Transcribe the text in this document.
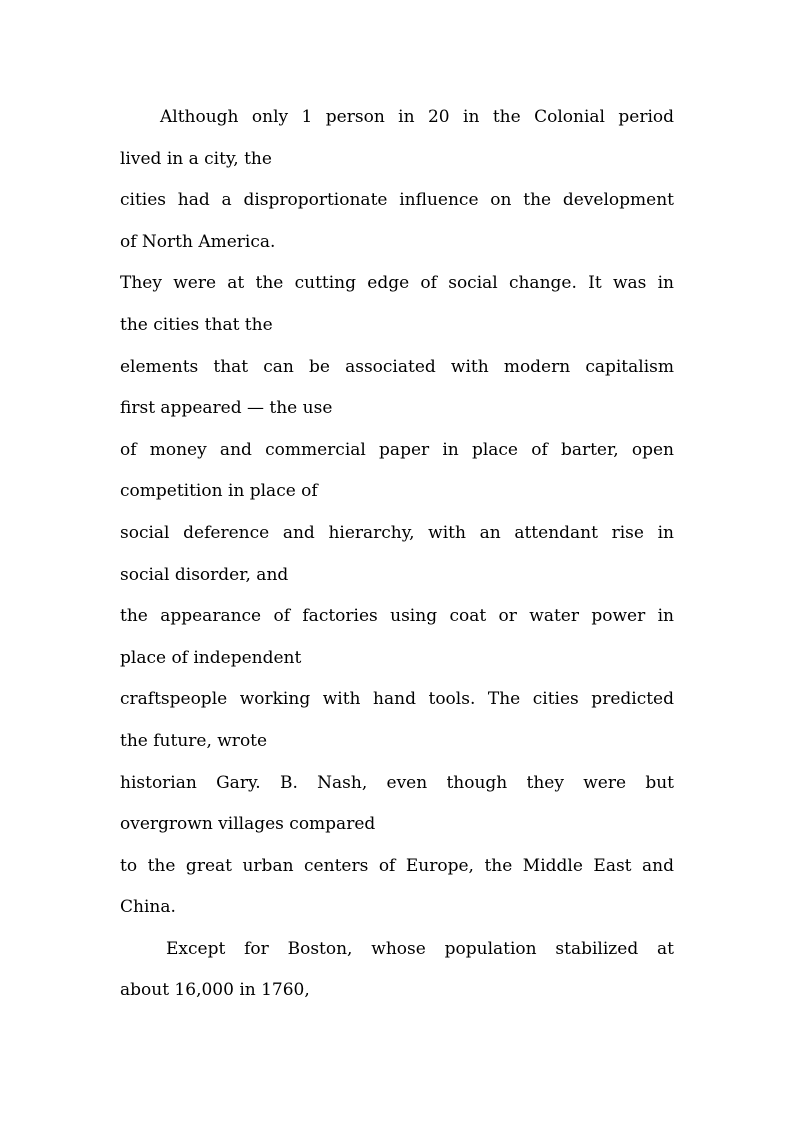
Although only 1 person in 20 in the Colonial period
lived in a city, the
cities had a disproportionate influence on the development
of North America.
They were at the cutting edge of social change. It was in
the cities that the
elements that can be associated with modern capitalism
first appeared — the use
of money and commercial paper in place of barter, open
competition in place of
social deference and hierarchy, with an attendant rise in
social disorder, and
the appearance of factories using coat or water power in
place of independent
craftspeople working with hand tools. The cities predicted
the future, wrote
historian Gary. B. Nash, even though they were but
overgrown villages compared
to the great urban centers of Europe, the Middle East and
China.
Except for Boston, whose population stabilized at
about 16,000 in 1760,
